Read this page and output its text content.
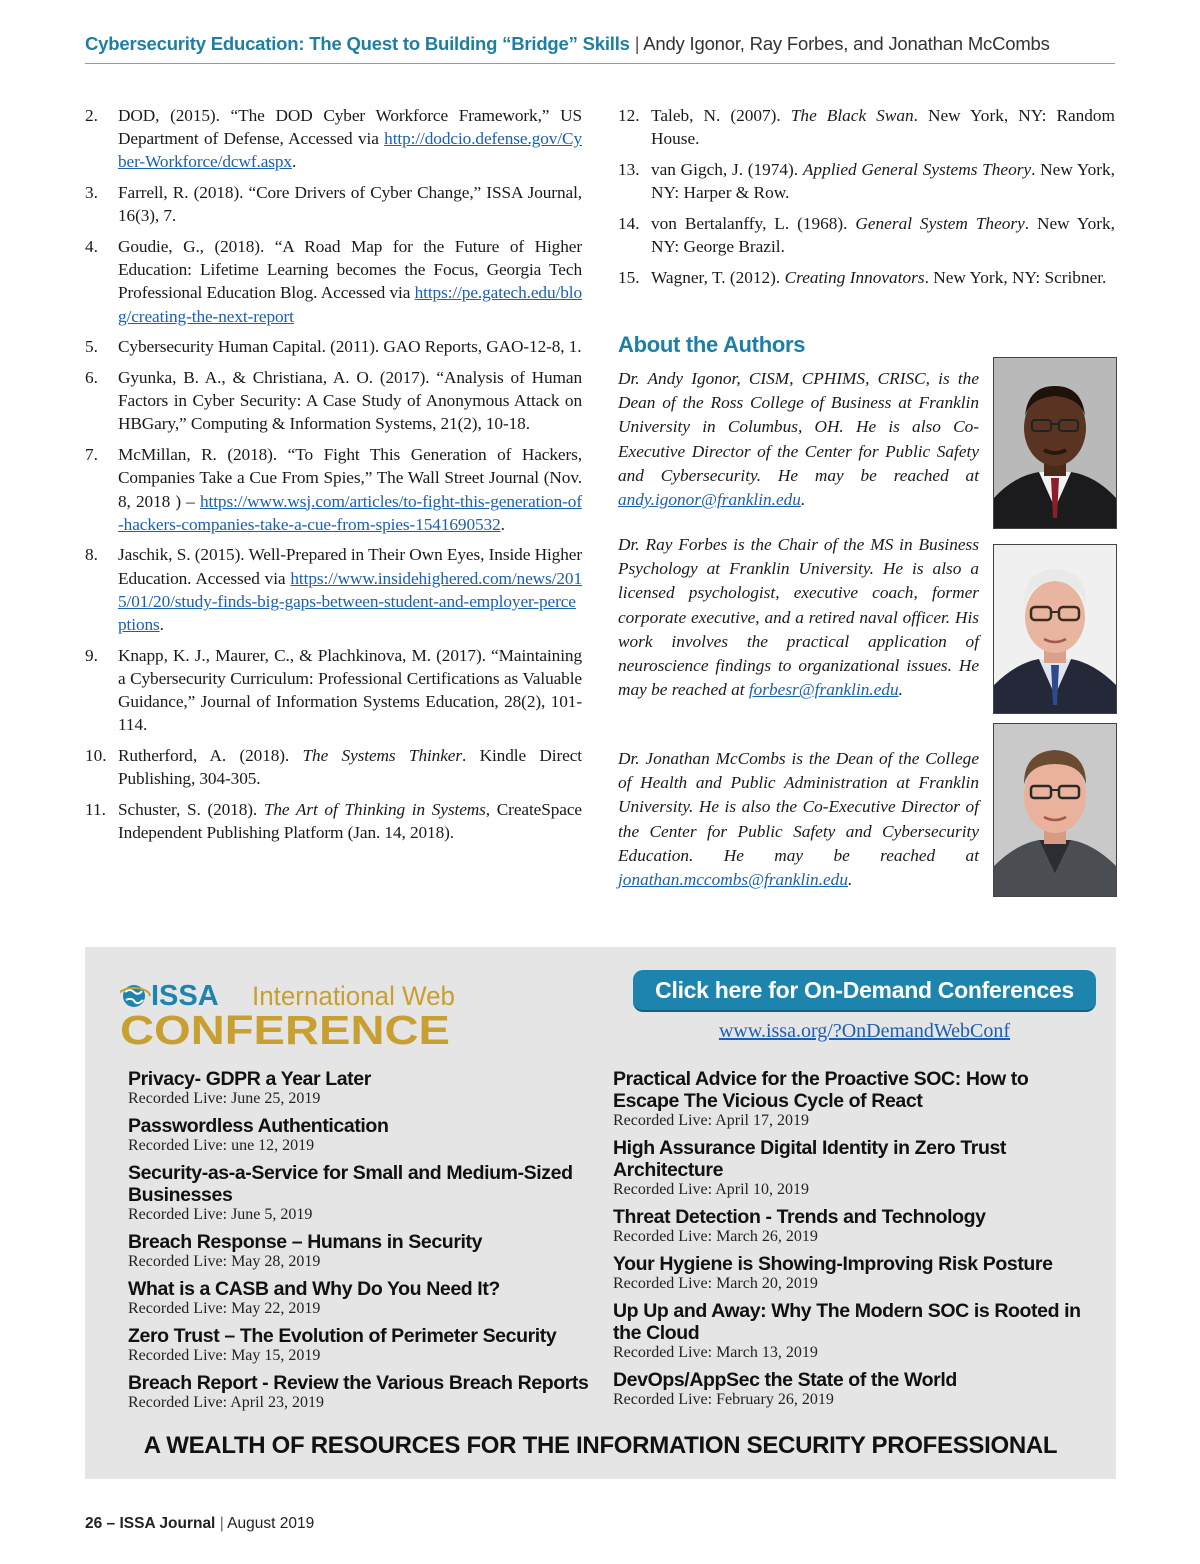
Cybersecurity Education: The Quest to Building “Bridge” Skills | Andy Igonor, Ray Forbes, and Jonathan McCombs
2.	DOD, (2015). “The DOD Cyber Workforce Framework,” US Department of Defense, Accessed via http://dodcio.defense.gov/Cyber-Workforce/dcwf.aspx.
3.	Farrell, R. (2018). “Core Drivers of Cyber Change,” ISSA Journal, 16(3), 7.
4.	Goudie, G., (2018). “A Road Map for the Future of Higher Education: Lifetime Learning becomes the Focus, Georgia Tech Professional Education Blog. Accessed via https://pe.gatech.edu/blog/creating-the-next-report
5.	Cybersecurity Human Capital. (2011). GAO Reports, GAO-12-8, 1.
6.	Gyunka, B. A., & Christiana, A. O. (2017). “Analysis of Human Factors in Cyber Security: A Case Study of Anonymous Attack on HBGary,” Computing & Information Systems, 21(2), 10-18.
7.	McMillan, R. (2018). “To Fight This Generation of Hackers, Companies Take a Cue From Spies,” The Wall Street Journal (Nov. 8, 2018 ) – https://www.wsj.com/articles/to-fight-this-generation-of-hackers-companies-take-a-cue-from-spies-1541690532.
8.	Jaschik, S. (2015). Well-Prepared in Their Own Eyes, Inside Higher Education. Accessed via https://www.insidehighered.com/news/2015/01/20/study-finds-big-gaps-between-student-and-employer-perceptions.
9.	Knapp, K. J., Maurer, C., & Plachkinova, M. (2017). “Maintaining a Cybersecurity Curriculum: Professional Certifications as Valuable Guidance,” Journal of Information Systems Education, 28(2), 101-114.
10. Rutherford, A. (2018). The Systems Thinker. Kindle Direct Publishing, 304-305.
11. Schuster, S. (2018). The Art of Thinking in Systems, CreateSpace Independent Publishing Platform (Jan. 14, 2018).
12. Taleb, N. (2007). The Black Swan. New York, NY: Random House.
13. van Gigch, J. (1974). Applied General Systems Theory. New York, NY: Harper & Row.
14. von Bertalanffy, L. (1968). General System Theory. New York, NY: George Brazil.
15. Wagner, T. (2012). Creating Innovators. New York, NY: Scribner.
About the Authors
Dr. Andy Igonor, CISM, CPHIMS, CRISC, is the Dean of the Ross College of Business at Franklin University in Columbus, OH. He is also Co-Executive Director of the Center for Public Safety and Cybersecurity. He may be reached at andy.igonor@franklin.edu.
Dr. Ray Forbes is the Chair of the MS in Business Psychology at Franklin University. He is also a licensed psychologist, executive coach, former corporate executive, and a retired naval officer. His work involves the practical application of neuroscience findings to organizational issues. He may be reached at forbesr@franklin.edu.
Dr. Jonathan McCombs is the Dean of the College of Health and Public Administration at Franklin University. He is also the Co-Executive Director of the Center for Public Safety and Cybersecurity Education. He may be reached at jonathan.mccombs@franklin.edu.
ISSA International Web
CONFERENCE
Click here for On-Demand Conferences
www.issa.org/?OnDemandWebConf
Privacy- GDPR a Year Later
Recorded Live: June 25, 2019
Passwordless Authentication
Recorded Live: une 12, 2019
Security-as-a-Service for Small and Medium-Sized Businesses
Recorded Live: June 5, 2019
Breach Response – Humans in Security
Recorded Live: May 28, 2019
What is a CASB and Why Do You Need It?
Recorded Live: May 22, 2019
Zero Trust – The Evolution of Perimeter Security
Recorded Live: May 15, 2019
Breach Report - Review the Various Breach Reports
Recorded Live: April 23, 2019
Practical Advice for the Proactive SOC: How to Escape The Vicious Cycle of React
Recorded Live: April 17, 2019
High Assurance Digital Identity in Zero Trust Architecture
Recorded Live: April 10, 2019
Threat Detection - Trends and Technology
Recorded Live: March 26, 2019
Your Hygiene is Showing-Improving Risk Posture
Recorded Live: March 20, 2019
Up Up and Away: Why The Modern SOC is Rooted in the Cloud
Recorded Live: March 13, 2019
DevOps/AppSec the State of the World
Recorded Live: February 26, 2019
A WEALTH OF RESOURCES FOR THE INFORMATION SECURITY PROFESSIONAL
26 – ISSA Journal | August 2019
